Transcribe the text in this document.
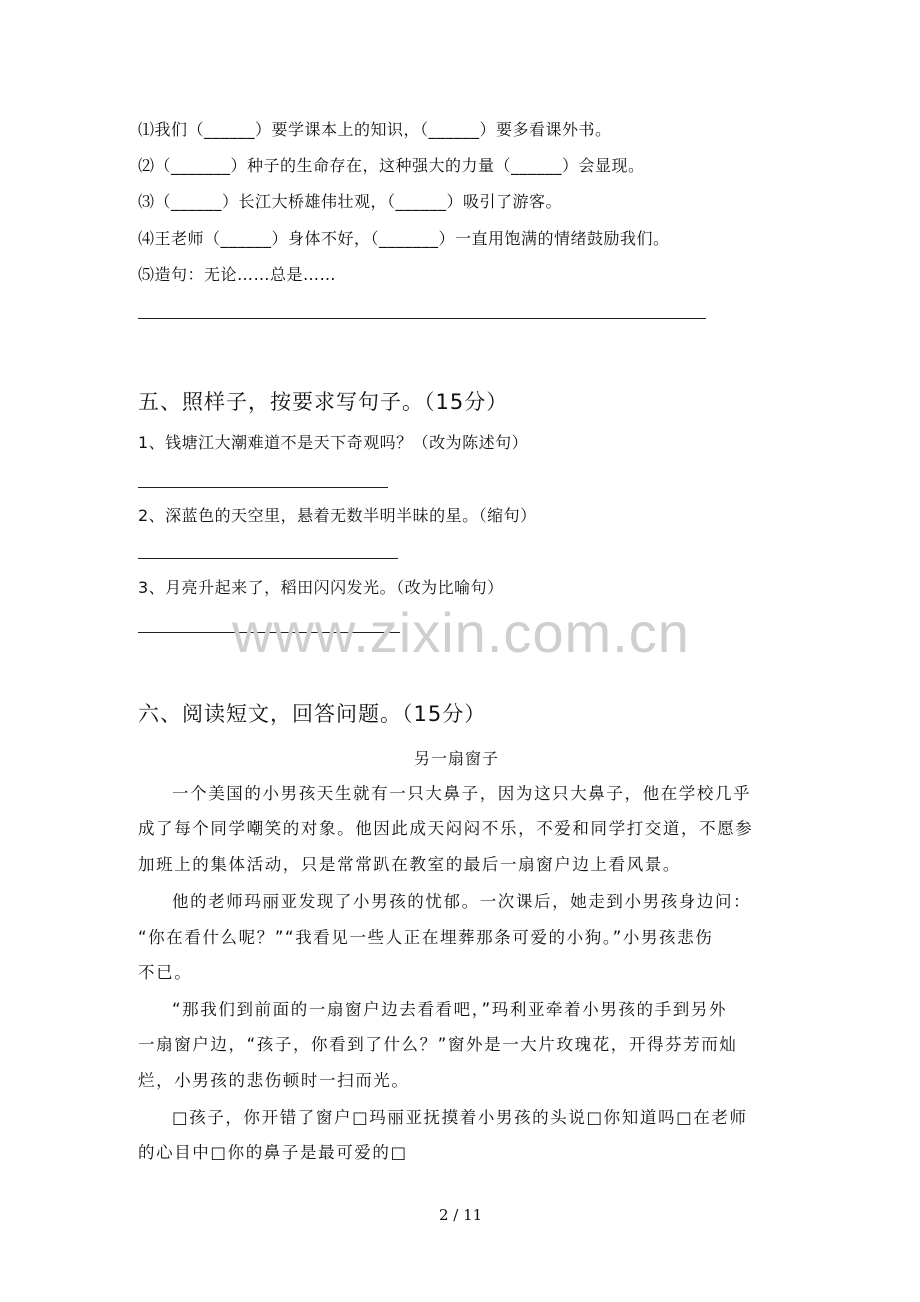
⑴我们（______）要学课本上的知识，（______）要多看课外书。
⑵（_______）种子的生命存在，这种强大的力量（______）会显现。
⑶（______）长江大桥雄伟壮观，（______）吸引了游客。
⑷王老师（______）身体不好，（_______）一直用饱满的情绪鼓励我们。
⑸造句：无论……总是……
五、照样子，按要求写句子。（15分）
1、钱塘江大潮难道不是天下奇观吗？（改为陈述句）
2、深蓝色的天空里，悬着无数半明半昧的星。（缩句）
3、月亮升起来了，稻田闪闪发光。（改为比喻句）
www.zixin.com.cn
六、阅读短文，回答问题。（15分）
另一扇窗子
一个美国的小男孩天生就有一只大鼻子，因为这只大鼻子，他在学校几乎
成了每个同学嘲笑的对象。他因此成天闷闷不乐，不爱和同学打交道，不愿参
加班上的集体活动，只是常常趴在教室的最后一扇窗户边上看风景。
他的老师玛丽亚发现了小男孩的忧郁。一次课后，她走到小男孩身边问：
“你在看什么呢？”“我看见一些人正在埋葬那条可爱的小狗。”小男孩悲伤
不已。
“那我们到前面的一扇窗户边去看看吧，”玛利亚牵着小男孩的手到另外
一扇窗户边，“孩子，你看到了什么？”窗外是一大片玫瑰花，开得芬芳而灿
烂，小男孩的悲伤顿时一扫而光。
□孩子，你开错了窗户□玛丽亚抚摸着小男孩的头说□你知道吗□在老师
的心目中□你的鼻子是最可爱的□
2 / 11
